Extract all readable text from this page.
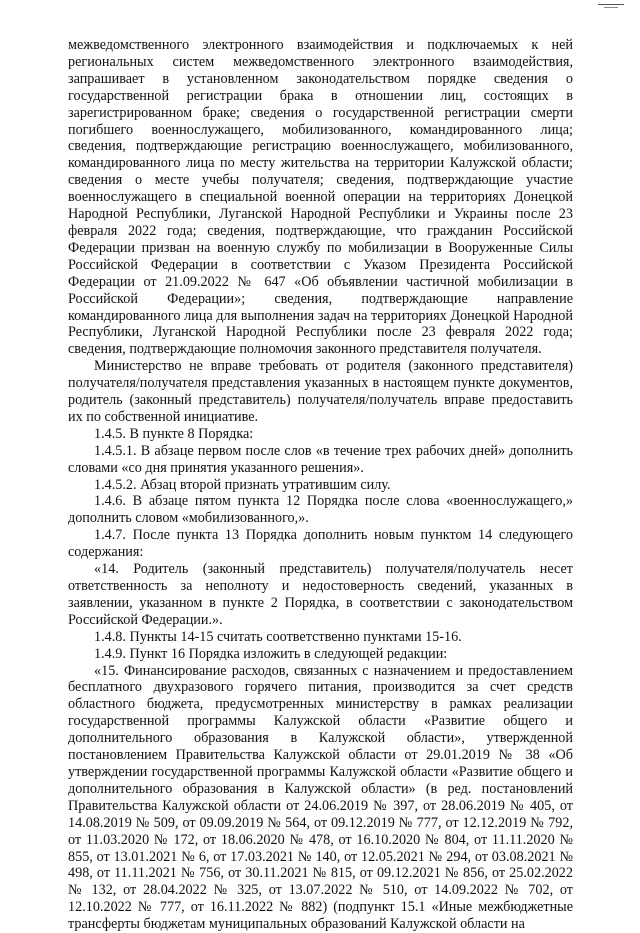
межведомственного электронного взаимодействия и подключаемых к ней региональных систем межведомственного электронного взаимодействия, запрашивает в установленном законодательством порядке сведения о государственной регистрации брака в отношении лиц, состоящих в зарегистрированном браке; сведения о государственной регистрации смерти погибшего военнослужащего, мобилизованного, командированного лица; сведения, подтверждающие регистрацию военнослужащего, мобилизованного, командированного лица по месту жительства на территории Калужской области; сведения о месте учебы получателя; сведения, подтверждающие участие военнослужащего в специальной военной операции на территориях Донецкой Народной Республики, Луганской Народной Республики и Украины после 23 февраля 2022 года; сведения, подтверждающие, что гражданин Российской Федерации призван на военную службу по мобилизации в Вооруженные Силы Российской Федерации в соответствии с Указом Президента Российской Федерации от 21.09.2022 № 647 «Об объявлении частичной мобилизации в Российской Федерации»; сведения, подтверждающие направление командированного лица для выполнения задач на территориях Донецкой Народной Республики, Луганской Народной Республики после 23 февраля 2022 года; сведения, подтверждающие полномочия законного представителя получателя.

Министерство не вправе требовать от родителя (законного представителя) получателя/получателя представления указанных в настоящем пункте документов, родитель (законный представитель) получателя/получатель вправе предоставить их по собственной инициативе.

1.4.5. В пункте 8 Порядка:

1.4.5.1. В абзаце первом после слов «в течение трех рабочих дней» дополнить словами «со дня принятия указанного решения».

1.4.5.2. Абзац второй признать утратившим силу.

1.4.6. В абзаце пятом пункта 12 Порядка после слова «военнослужащего,» дополнить словом «мобилизованного,».

1.4.7. После пункта 13 Порядка дополнить новым пунктом 14 следующего содержания:

«14. Родитель (законный представитель) получателя/получатель несет ответственность за неполноту и недостоверность сведений, указанных в заявлении, указанном в пункте 2 Порядка, в соответствии с законодательством Российской Федерации.».

1.4.8. Пункты 14-15 считать соответственно пунктами 15-16.

1.4.9. Пункт 16 Порядка изложить в следующей редакции:

«15. Финансирование расходов, связанных с назначением и предоставлением бесплатного двухразового горячего питания, производится за счет средств областного бюджета, предусмотренных министерству в рамках реализации государственной программы Калужской области «Развитие общего и дополнительного образования в Калужской области», утвержденной постановлением Правительства Калужской области от 29.01.2019 № 38 «Об утверждении государственной программы Калужской области «Развитие общего и дополнительного образования в Калужской области» (в ред. постановлений Правительства Калужской области от 24.06.2019 № 397, от 28.06.2019 № 405, от 14.08.2019 № 509, от 09.09.2019 № 564, от 09.12.2019 № 777, от 12.12.2019 № 792, от 11.03.2020 № 172, от 18.06.2020 № 478, от 16.10.2020 № 804, от 11.11.2020 № 855, от 13.01.2021 № 6, от 17.03.2021 № 140, от 12.05.2021 № 294, от 03.08.2021 № 498, от 11.11.2021 № 756, от 30.11.2021 № 815, от 09.12.2021 № 856, от 25.02.2022 № 132, от 28.04.2022 № 325, от 13.07.2022 № 510, от 14.09.2022 № 702, от 12.10.2022 № 777, от 16.11.2022 № 882) (подпункт 15.1 «Иные межбюджетные трансферты бюджетам муниципальных образований Калужской области на
